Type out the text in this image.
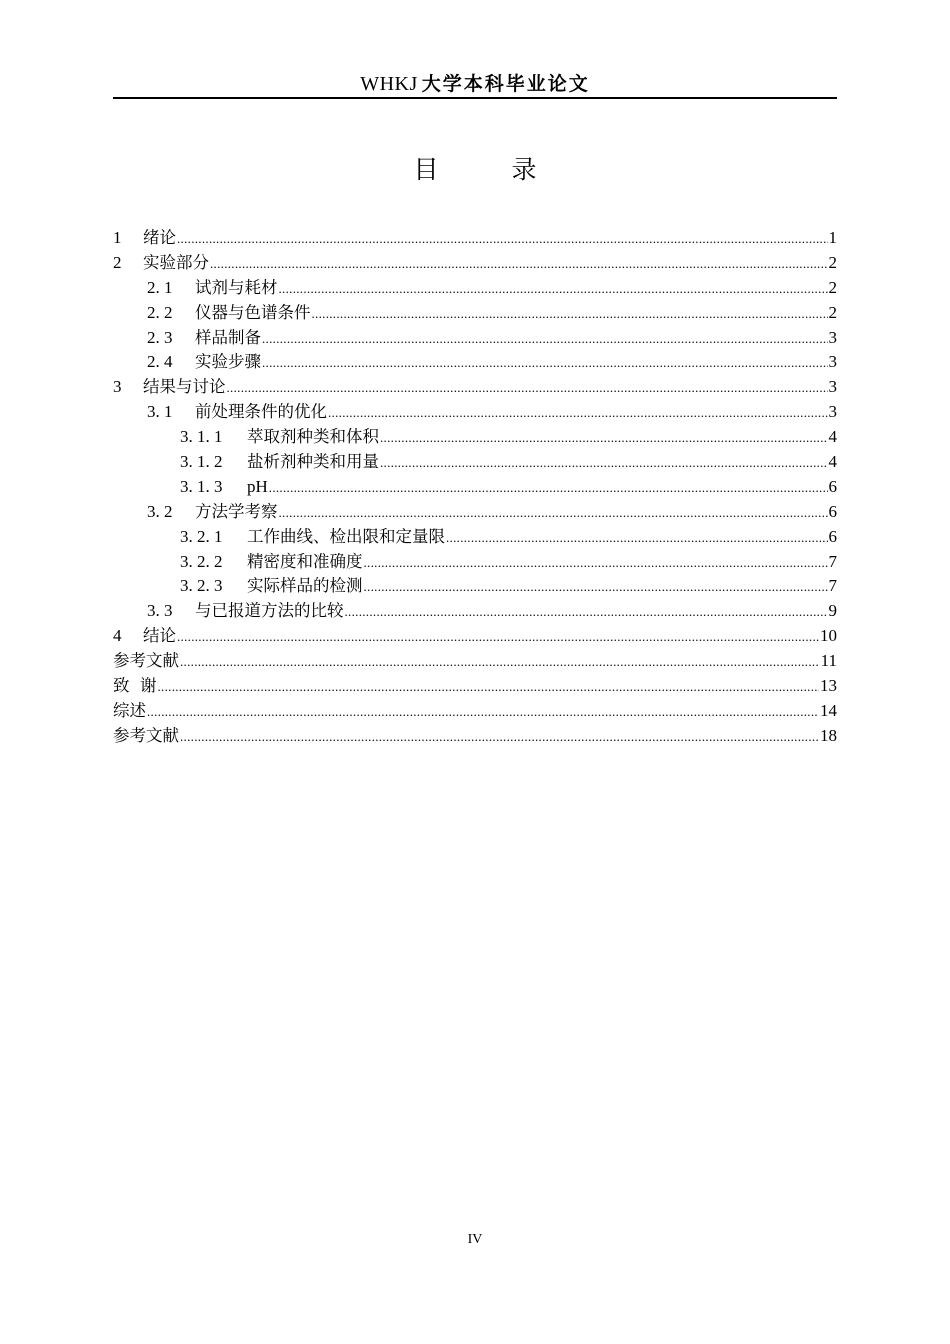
WHKJ 大学本科毕业论文
目　录
1	绪论 .....	1
2	实验部分 .....	2
2. 1	试剂与耗材 .....	2
2. 2	仪器与色谱条件 .....	2
2. 3	样品制备 .....	3
2. 4	实验步骤 .....	3
3	结果与讨论 .....	3
3. 1	前处理条件的优化 .....	3
3. 1. 1	萃取剂种类和体积 .....	4
3. 1. 2	盐析剂种类和用量 .....	4
3. 1. 3	pH .....	6
3. 2	方法学考察 .....	6
3. 2. 1	工作曲线、检出限和定量限 .....	6
3. 2. 2	精密度和准确度 .....	7
3. 2. 3	实际样品的检测 .....	7
3. 3	与已报道方法的比较 .....	9
4	结论 .....	10
参考文献 .....	11
致  谢 .....	13
综述 .....	14
参考文献 .....	18
IV
